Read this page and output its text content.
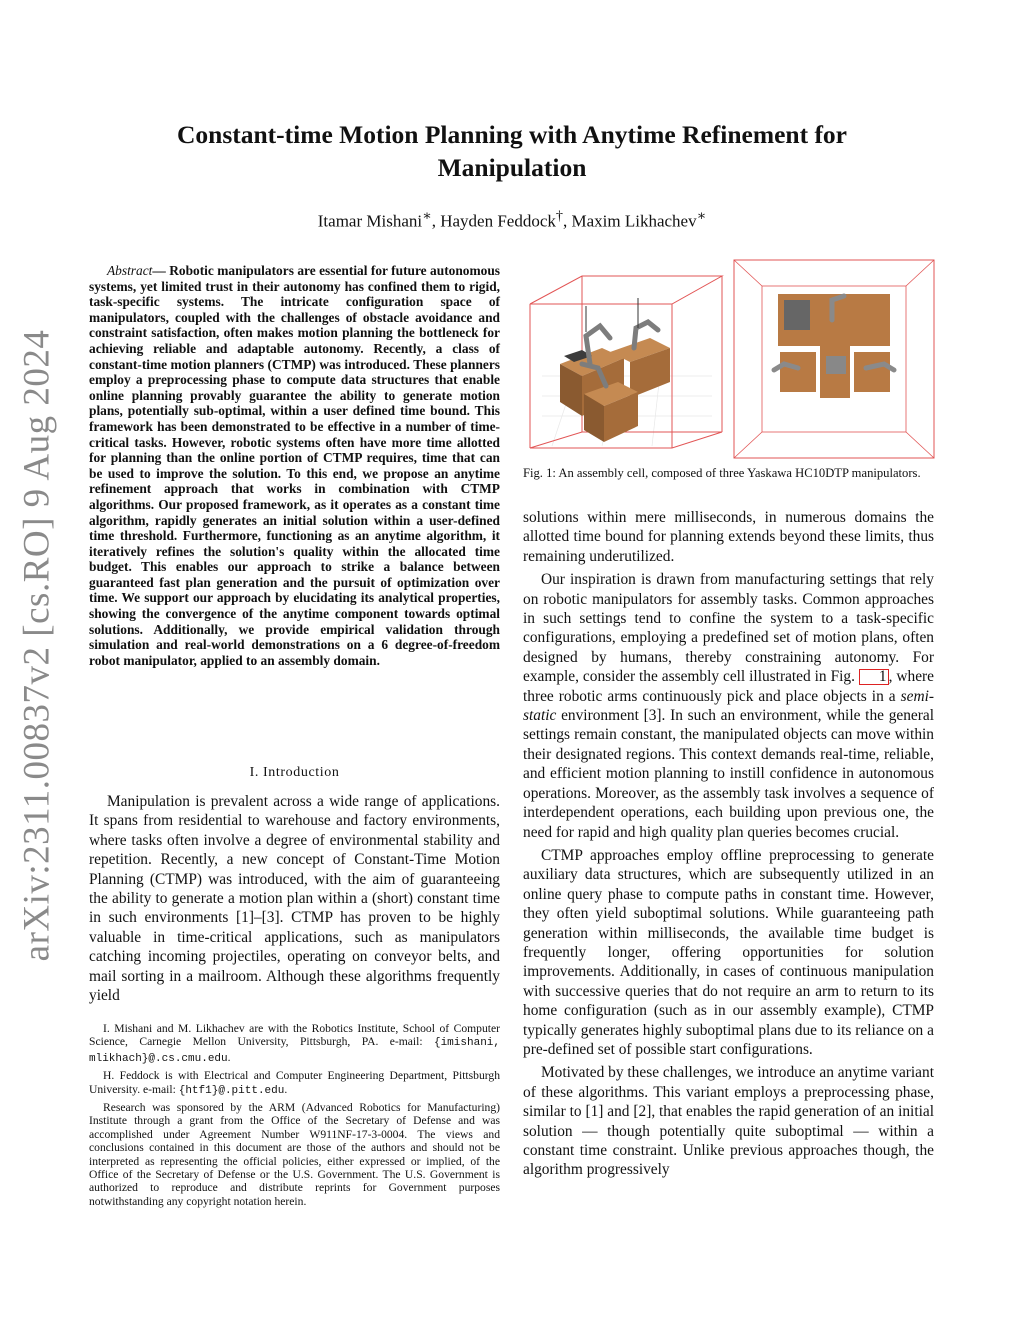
arXiv:2311.00837v2 [cs.RO] 9 Aug 2024
Constant-time Motion Planning with Anytime Refinement for Manipulation
Itamar Mishani∗, Hayden Feddock†, Maxim Likhachev∗
Abstract— Robotic manipulators are essential for future autonomous systems, yet limited trust in their autonomy has confined them to rigid, task-specific systems. The intricate configuration space of manipulators, coupled with the challenges of obstacle avoidance and constraint satisfaction, often makes motion planning the bottleneck for achieving reliable and adaptable autonomy. Recently, a class of constant-time motion planners (CTMP) was introduced. These planners employ a preprocessing phase to compute data structures that enable online planning provably guarantee the ability to generate motion plans, potentially sub-optimal, within a user defined time bound. This framework has been demonstrated to be effective in a number of time-critical tasks. However, robotic systems often have more time allotted for planning than the online portion of CTMP requires, time that can be used to improve the solution. To this end, we propose an anytime refinement approach that works in combination with CTMP algorithms. Our proposed framework, as it operates as a constant time algorithm, rapidly generates an initial solution within a user-defined time threshold. Furthermore, functioning as an anytime algorithm, it iteratively refines the solution's quality within the allocated time budget. This enables our approach to strike a balance between guaranteed fast plan generation and the pursuit of optimization over time. We support our approach by elucidating its analytical properties, showing the convergence of the anytime component towards optimal solutions. Additionally, we provide empirical validation through simulation and real-world demonstrations on a 6 degree-of-freedom robot manipulator, applied to an assembly domain.
I. Introduction

Manipulation is prevalent across a wide range of applications. It spans from residential to warehouse and factory environments, where tasks often involve a degree of environmental stability and repetition. Recently, a new concept of Constant-Time Motion Planning (CTMP) was introduced, with the aim of guaranteeing the ability to generate a motion plan within a (short) constant time in such environments [1]–[3]. CTMP has proven to be highly valuable in time-critical applications, such as manipulators catching incoming projectiles, operating on conveyor belts, and mail sorting in a mailroom. Although these algorithms frequently yield

I. Mishani and M. Likhachev are with the Robotics Institute, School of Computer Science, Carnegie Mellon University, Pittsburgh, PA. e-mail: {imishani, mlikhach}@.cs.cmu.edu.

H. Feddock is with Electrical and Computer Engineering Department, Pittsburgh University. e-mail: {htf1}@.pitt.edu.

Research was sponsored by the ARM (Advanced Robotics for Manufacturing) Institute through a grant from the Office of the Secretary of Defense and was accomplished under Agreement Number W911NF-17-3-0004. The views and conclusions contained in this document are those of the authors and should not be interpreted as representing the official policies, either expressed or implied, of the Office of the Secretary of Defense or the U.S. Government. The U.S. Government is authorized to reproduce and distribute reprints for Government purposes notwithstanding any copyright notation herein.

Fig. 1: An assembly cell, composed of three Yaskawa HC10DTP manipulators.

solutions within mere milliseconds, in numerous domains the allotted time bound for planning extends beyond these limits, thus remaining underutilized.

Our inspiration is drawn from manufacturing settings that rely on robotic manipulators for assembly tasks. Common approaches in such settings tend to confine the system to a task-specific configurations, employing a predefined set of motion plans, often designed by humans, thereby constraining autonomy. For example, consider the assembly cell illustrated in Fig. 1 , where three robotic arms continuously pick and place objects in a semi-static environment [3]. In such an environment, while the general settings remain constant, the manipulated objects can move within their designated regions. This context demands real-time, reliable, and efficient motion planning to instill confidence in autonomous operations. Moreover, as the assembly task involves a sequence of interdependent operations, each building upon previous one, the need for rapid and high quality plan queries becomes crucial.

CTMP approaches employ offline preprocessing to generate auxiliary data structures, which are subsequently utilized in an online query phase to compute paths in constant time. However, they often yield suboptimal solutions. While guaranteeing path generation within milliseconds, the available time budget is frequently longer, offering opportunities for solution improvements. Additionally, in cases of continuous manipulation with successive queries that do not require an arm to return to its home configuration (such as in our assembly example), CTMP typically generates highly suboptimal plans due to its reliance on a pre-defined set of possible start configurations.

Motivated by these challenges, we introduce an anytime variant of these algorithms. This variant employs a preprocessing phase, similar to [1] and [2], that enables the rapid generation of an initial solution — though potentially quite suboptimal — within a constant time constraint. Unlike previous approaches though, the algorithm progressively
